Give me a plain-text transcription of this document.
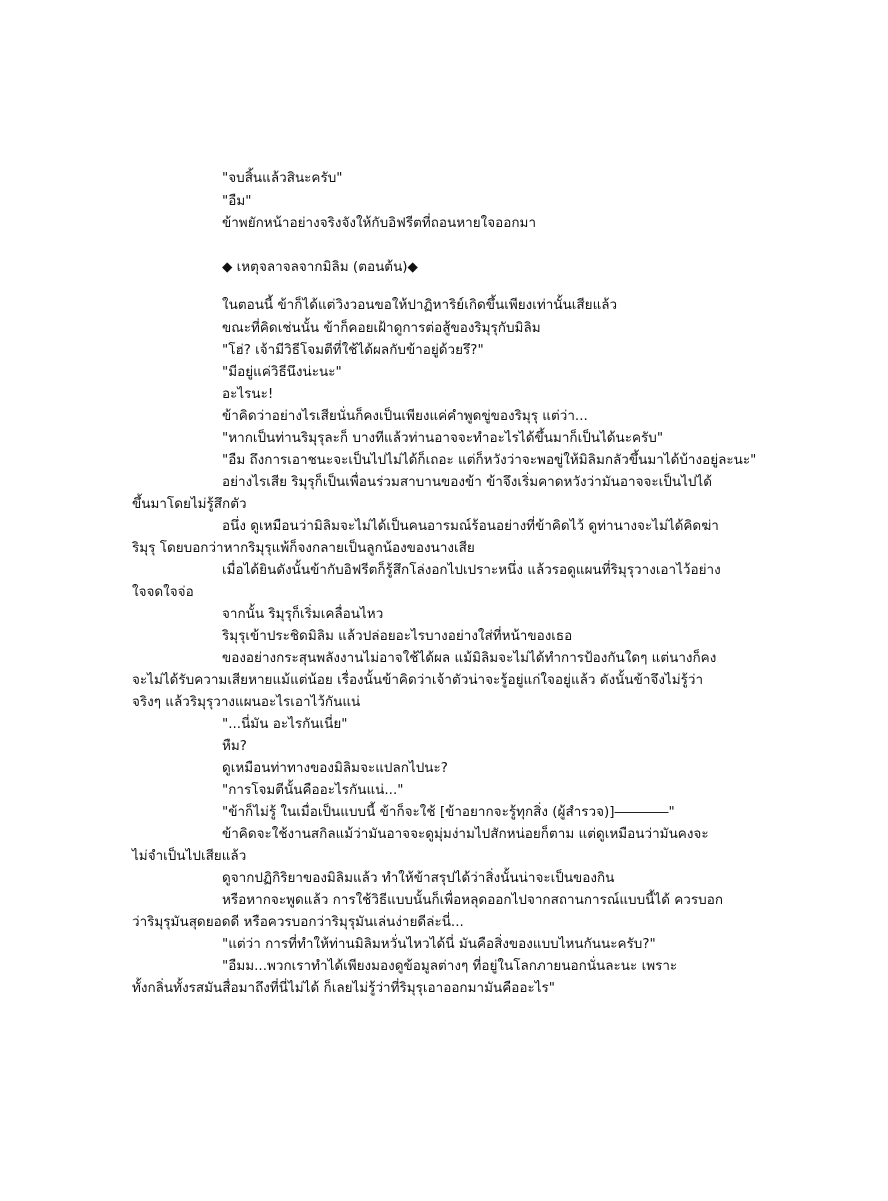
"จบสิ้นแล้วสินะครับ"
"อืม"
ข้าพยักหน้าอย่างจริงจังให้กับอิฟรีตที่ถอนหายใจออกมา
◆ เหตุจลาจลจากมิลิม (ตอนต้น)◆
ในตอนนี้ ข้าก็ได้แต่วิงวอนขอให้ปาฏิหาริย์เกิดขึ้นเพียงเท่านั้นเสียแล้ว
ขณะที่คิดเช่นนั้น ข้าก็คอยเฝ้าดูการต่อสู้ของริมุรุกับมิลิม
"โฮ่? เจ้ามีวิธีโจมตีที่ใช้ได้ผลกับข้าอยู่ด้วยรึ?"
"มีอยู่แค่วิธีนึงน่ะนะ"
อะไรนะ!
ข้าคิดว่าอย่างไรเสียนั่นก็คงเป็นเพียงแค่คำพูดขู่ของริมุรุ แต่ว่า...
"หากเป็นท่านริมุรุละก็ บางทีแล้วท่านอาจจะทำอะไรได้ขึ้นมาก็เป็นได้นะครับ"
"อืม ถึงการเอาชนะจะเป็นไปไม่ได้ก็เถอะ แต่ก็หวังว่าจะพอขู่ให้มิลิมกลัวขึ้นมาได้บ้างอยู่ละนะ"
อย่างไรเสีย ริมุรุก็เป็นเพื่อนร่วมสาบานของข้า ข้าจึงเริ่มคาดหวังว่ามันอาจจะเป็นไปได้
ขึ้นมาโดยไม่รู้สึกตัว
อนึ่ง ดูเหมือนว่ามิลิมจะไม่ได้เป็นคนอารมณ์ร้อนอย่างที่ข้าคิดไว้ ดูท่านางจะไม่ได้คิดฆ่า
ริมุรุ โดยบอกว่าหากริมุรุแพ้ก็จงกลายเป็นลูกน้องของนางเสีย
เมื่อได้ยินดังนั้นข้ากับอิฟรีตก็รู้สึกโล่งอกไปเปราะหนึ่ง แล้วรอดูแผนที่ริมุรุวางเอาไว้อย่าง
ใจจดใจจ่อ
จากนั้น ริมุรุก็เริ่มเคลื่อนไหว
ริมุรุเข้าประชิดมิลิม แล้วปล่อยอะไรบางอย่างใส่ที่หน้าของเธอ
ของอย่างกระสุนพลังงานไม่อาจใช้ได้ผล แม้มิลิมจะไม่ได้ทำการป้องกันใดๆ แต่นางก็คง
จะไม่ได้รับความเสียหายแม้แต่น้อย เรื่องนั้นข้าคิดว่าเจ้าตัวน่าจะรู้อยู่แก่ใจอยู่แล้ว ดังนั้นข้าจึงไม่รู้ว่า
จริงๆ แล้วริมุรุวางแผนอะไรเอาไว้กันแน่
"...นี่มัน อะไรกันเนี่ย"
หืม?
ดูเหมือนท่าทางของมิลิมจะแปลกไปนะ?
"การโจมตีนั้นคืออะไรกันแน่..."
"ข้าก็ไม่รู้ ในเมื่อเป็นแบบนี้ ข้าก็จะใช้ [ข้าอยากจะรู้ทุกสิ่ง (ผู้สำรวจ)]――――"
ข้าคิดจะใช้งานสกิลแม้ว่ามันอาจจะดูมุ่มง่ามไปสักหน่อยก็ตาม แต่ดูเหมือนว่ามันคงจะ
ไม่จำเป็นไปเสียแล้ว
ดูจากปฏิกิริยาของมิลิมแล้ว ทำให้ข้าสรุปได้ว่าสิ่งนั้นน่าจะเป็นของกิน
หรือหากจะพูดแล้ว การใช้วิธีแบบนั้นก็เพื่อหลุดออกไปจากสถานการณ์แบบนี้ได้ ควรบอก
ว่าริมุรุมันสุดยอดดี หรือควรบอกว่าริมุรุมันเล่นง่ายดีล่ะนี่...
"แต่ว่า การที่ทำให้ท่านมิลิมหวั่นไหวได้นี่ มันคือสิ่งของแบบไหนกันนะครับ?"
"อืมม...พวกเราทำได้เพียงมองดูข้อมูลต่างๆ ที่อยู่ในโลกภายนอกนั่นละนะ เพราะ
ทั้งกลิ่นทั้งรสมันสื่อมาถึงที่นี่ไม่ได้ ก็เลยไม่รู้ว่าที่ริมุรุเอาออกมามันคืออะไร"
